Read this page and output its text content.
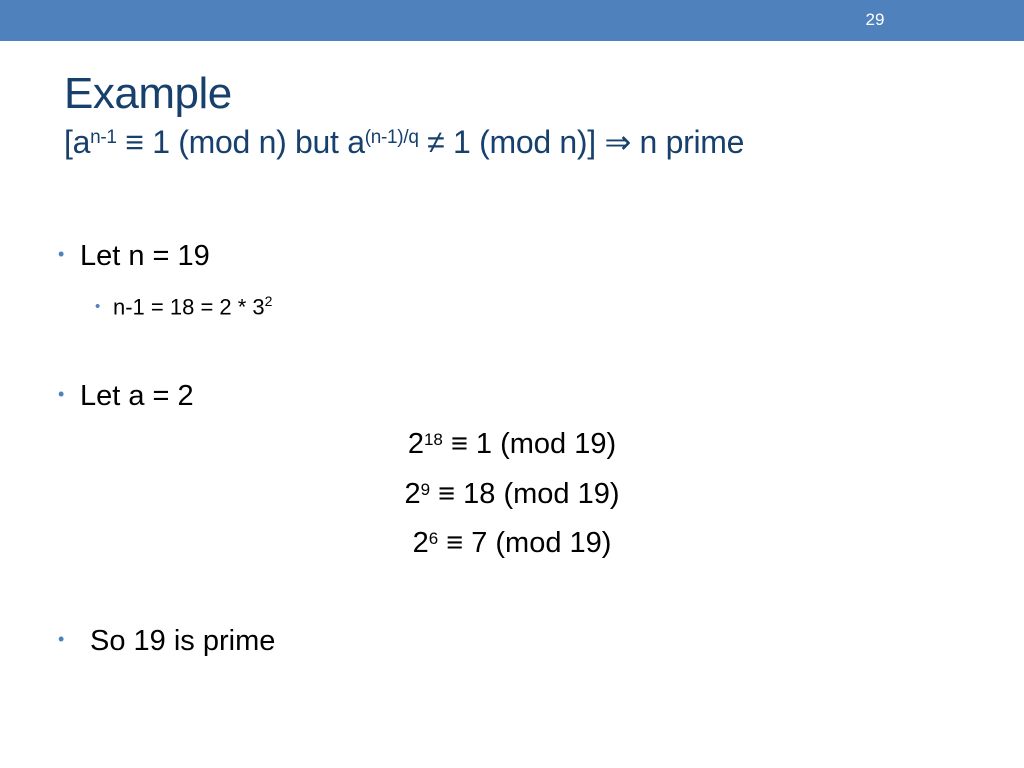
29
Example
[$a^{n-1} \equiv 1$ (mod n) but $a^{(n-1)/q} \ne 1$ (mod n)] ⇒ n prime
• Let n = 19
• $n-1 = 18 = 2 * 3^2$
• Let a = 2
$2^{18} \equiv 1$ (mod 19)
$2^9 \equiv 18$ (mod 19)
$2^6 \equiv 7$ (mod 19)
• So 19 is prime
